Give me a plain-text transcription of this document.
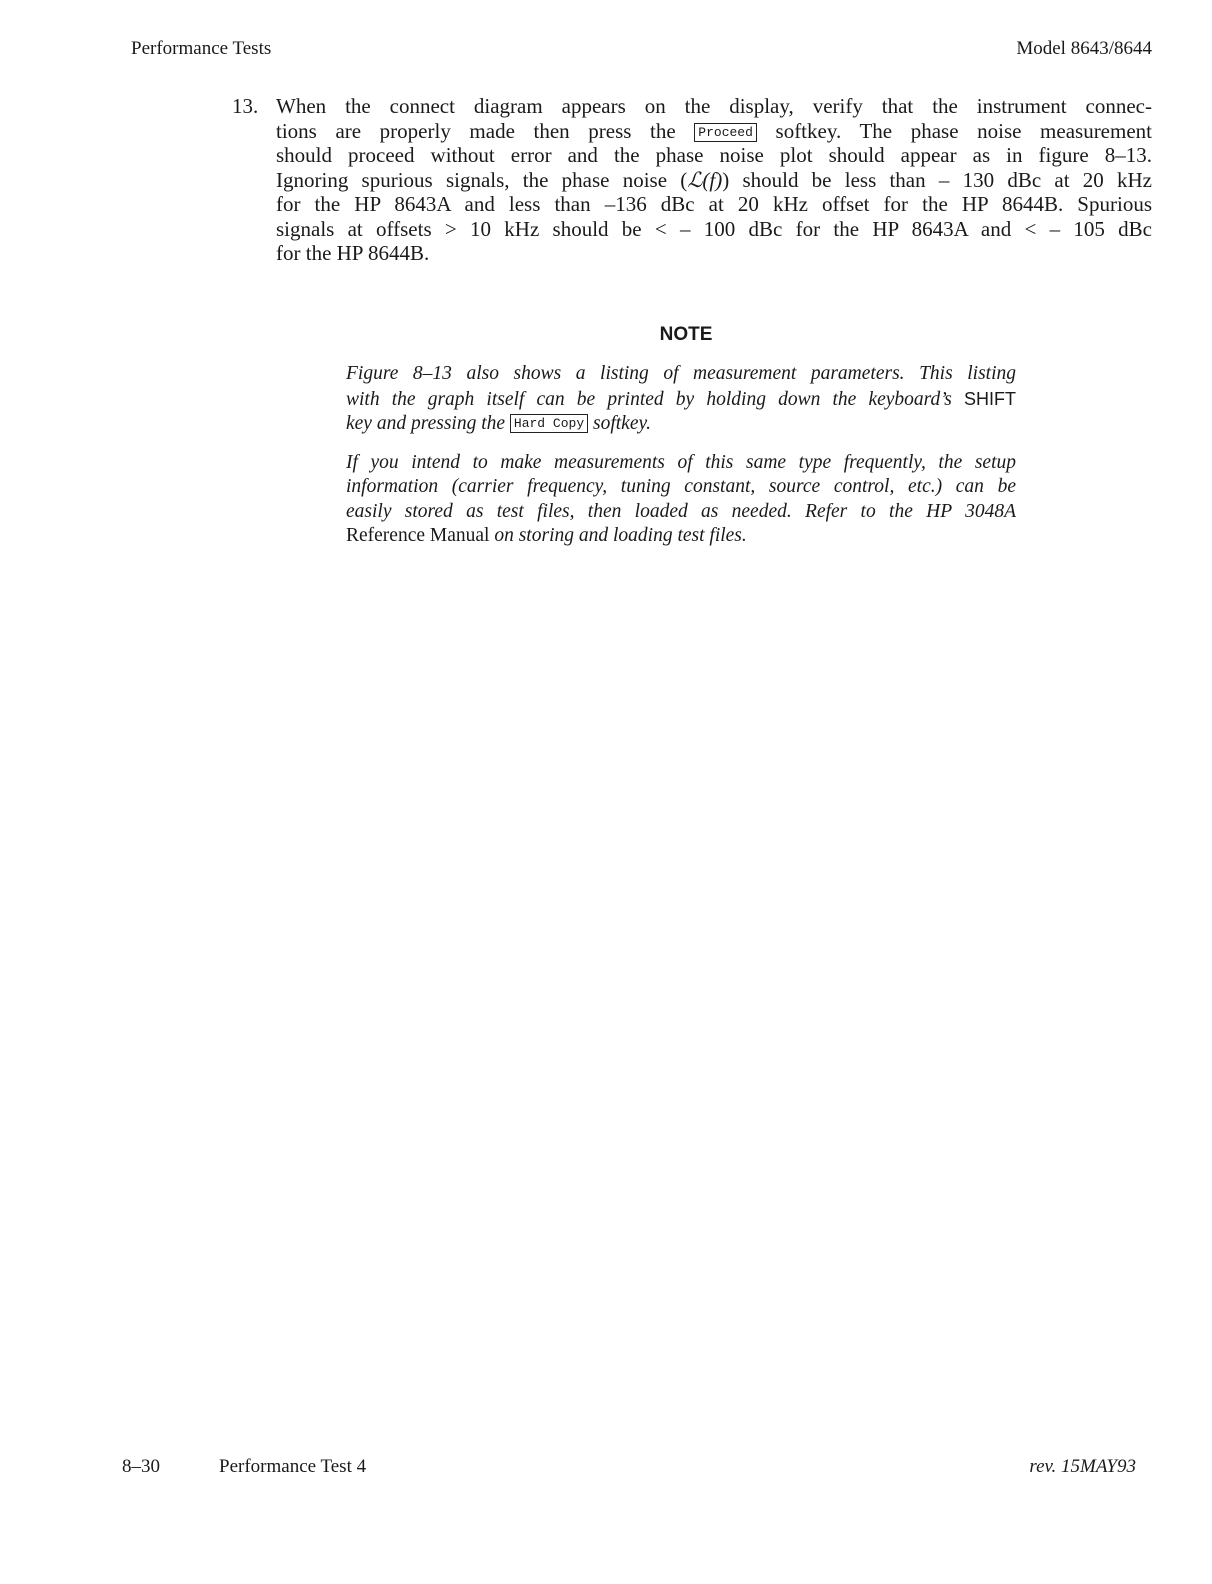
Performance Tests	Model 8643/8644
13. When the connect diagram appears on the display, verify that the instrument connec-
tions are properly made then press the Proceed softkey. The phase noise measurement
should proceed without error and the phase noise plot should appear as in figure 8–13.
Ignoring spurious signals, the phase noise (ℒ(f)) should be less than – 130 dBc at 20 kHz
for the HP 8643A and less than –136 dBc at 20 kHz offset for the HP 8644B. Spurious
signals at offsets > 10 kHz should be < – 100 dBc for the HP 8643A and < – 105 dBc
for the HP 8644B.
NOTE

Figure 8–13 also shows a listing of measurement parameters. This listing
with the graph itself can be printed by holding down the keyboard’s SHIFT
key and pressing the Hard Copy softkey.

If you intend to make measurements of this same type frequently, the setup
information (carrier frequency, tuning constant, source control, etc.) can be
easily stored as test files, then loaded as needed. Refer to the HP 3048A
Reference Manual on storing and loading test files.

8–30	Performance Test 4	rev. 15MAY93
